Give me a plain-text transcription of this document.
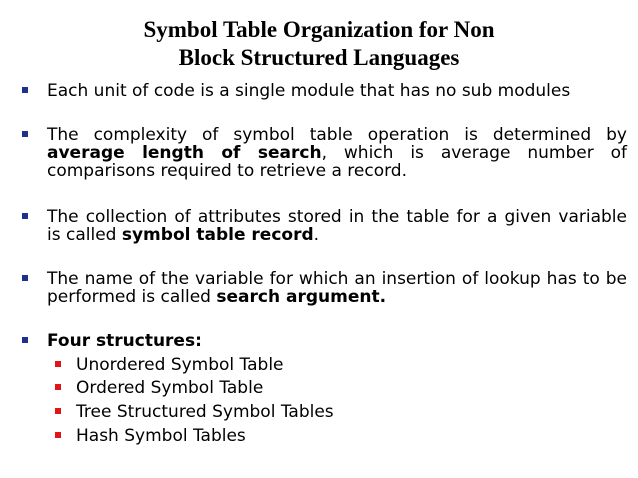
Symbol Table Organization for Non
Block Structured Languages
Each unit of code is a single module that has no sub modules
The complexity of symbol table operation is determined by average length of search, which is average number of comparisons required to retrieve a record.
The collection of attributes stored in the table for a given variable is called symbol table record.
The name of the variable for which an insertion of lookup has to be performed is called search argument.
Four structures:
Unordered Symbol Table
Ordered Symbol Table
Tree Structured Symbol Tables
Hash Symbol Tables
